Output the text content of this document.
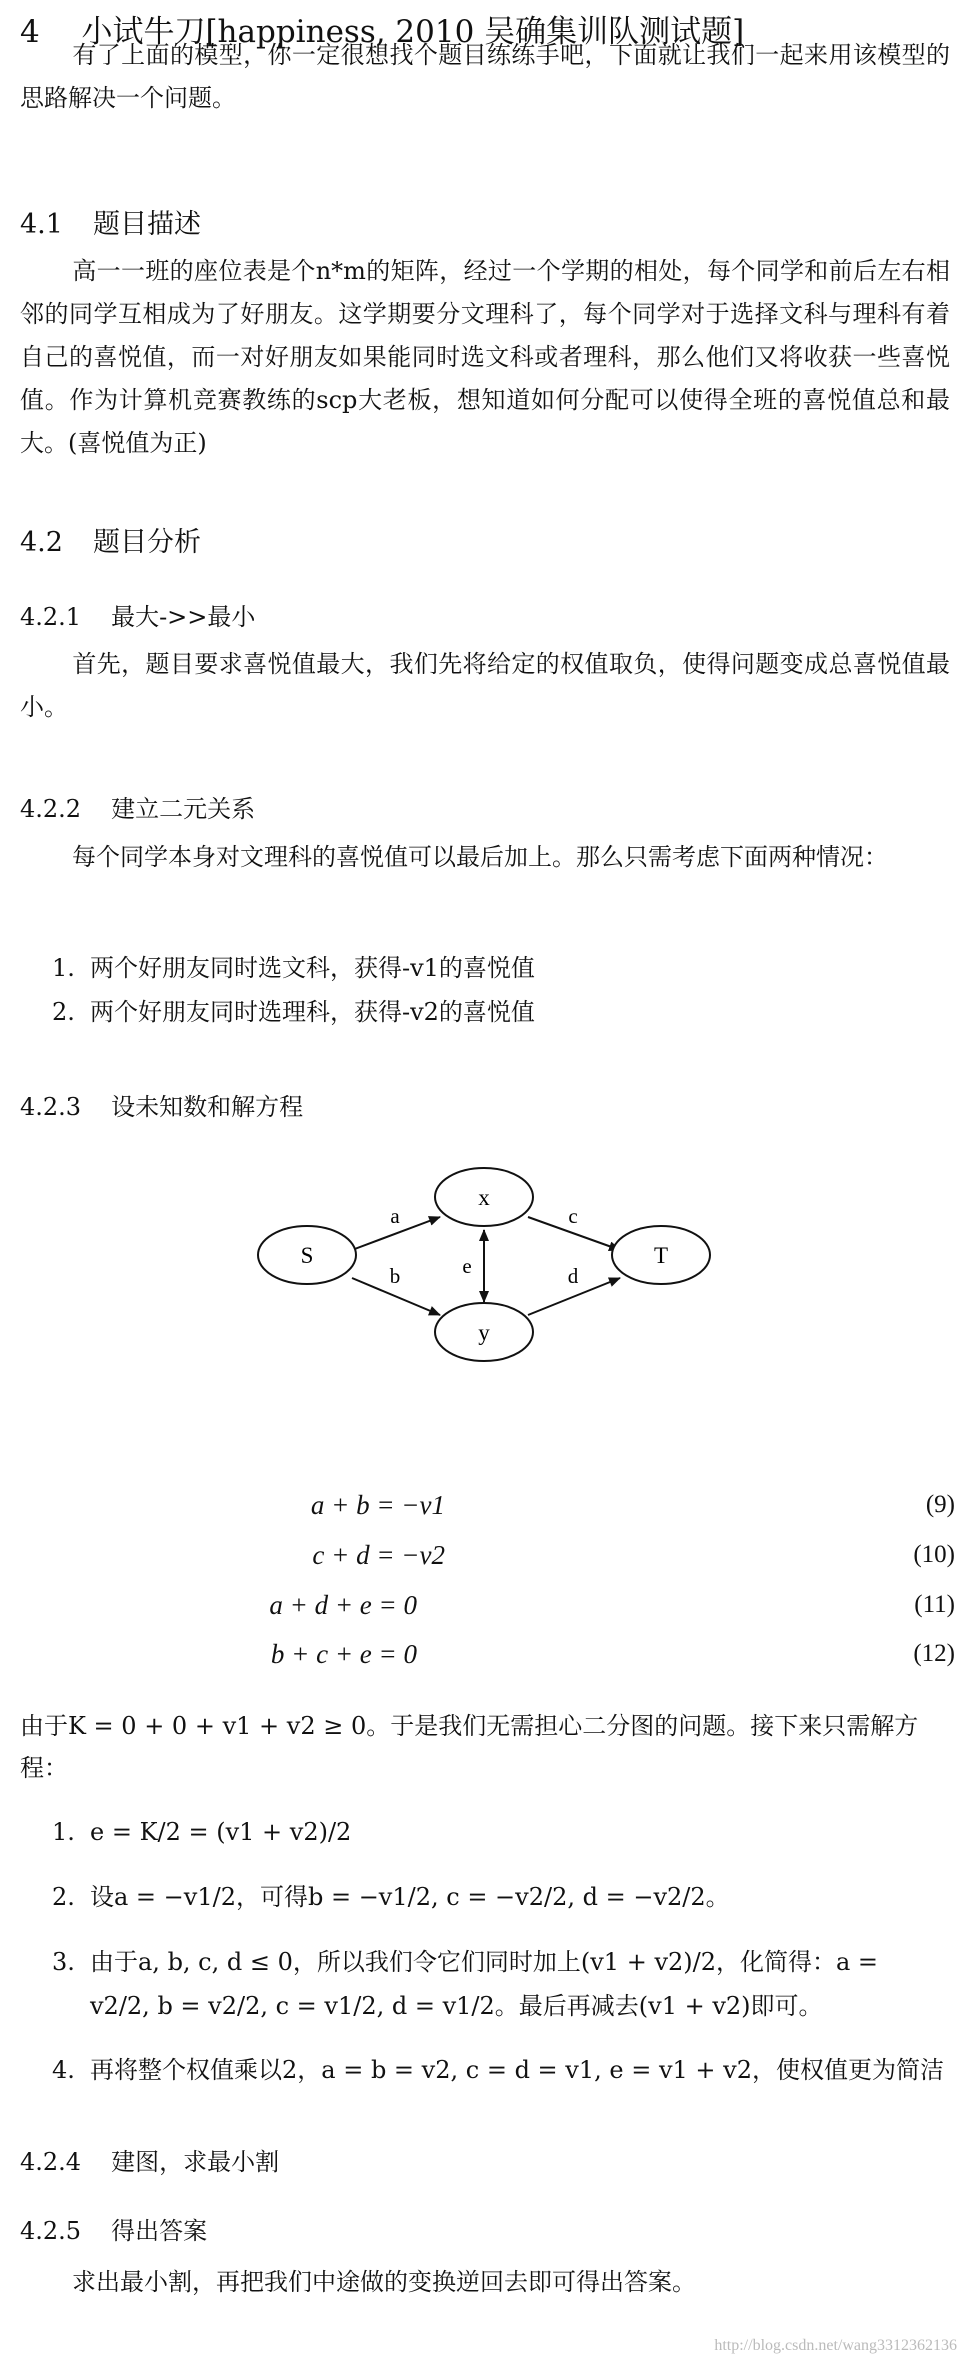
4 小试牛刀[happiness, 2010 吴确集训队测试题]
有了上面的模型，你一定很想找个题目练练手吧，下面就让我们一起来用该模型的思路解决一个问题。
4.1 题目描述
高一一班的座位表是个n*m的矩阵，经过一个学期的相处，每个同学和前后左右相邻的同学互相成为了好朋友。这学期要分文理科了，每个同学对于选择文科与理科有着自己的喜悦值，而一对好朋友如果能同时选文科或者理科，那么他们又将收获一些喜悦值。作为计算机竞赛教练的scp大老板，想知道如何分配可以使得全班的喜悦值总和最大。(喜悦值为正)
4.2 题目分析
4.2.1 最大->>最小
首先，题目要求喜悦值最大，我们先将给定的权值取负，使得问题变成总喜悦值最小。
4.2.2 建立二元关系
每个同学本身对文理科的喜悦值可以最后加上。那么只需考虑下面两种情况：
1. 两个好朋友同时选文科，获得-v1的喜悦值
2. 两个好朋友同时选理科，获得-v2的喜悦值
4.2.3 设未知数和解方程
S
x
y
T
a
b
c
d
e
a + b = −v1	(9)
c + d = −v2	(10)
a + d + e = 0	(11)
b + c + e = 0	(12)
由于K = 0 + 0 + v1 + v2 ≥ 0。于是我们无需担心二分图的问题。接下来只需解方
程：
1. e = K/2 = (v1 + v2)/2
2. 设a = −v1/2，可得b = −v1/2, c = −v2/2, d = −v2/2。
3. 由于a, b, c, d ≤ 0，所以我们令它们同时加上(v1 + v2)/2，化简得：a =
v2/2, b = v2/2, c = v1/2, d = v1/2。最后再减去(v1 + v2)即可。
4. 再将整个权值乘以2，a = b = v2, c = d = v1, e = v1 + v2，使权值更为简洁
4.2.4 建图，求最小割
4.2.5 得出答案
求出最小割，再把我们中途做的变换逆回去即可得出答案。
http://blog.csdn.net/wang3312362136
